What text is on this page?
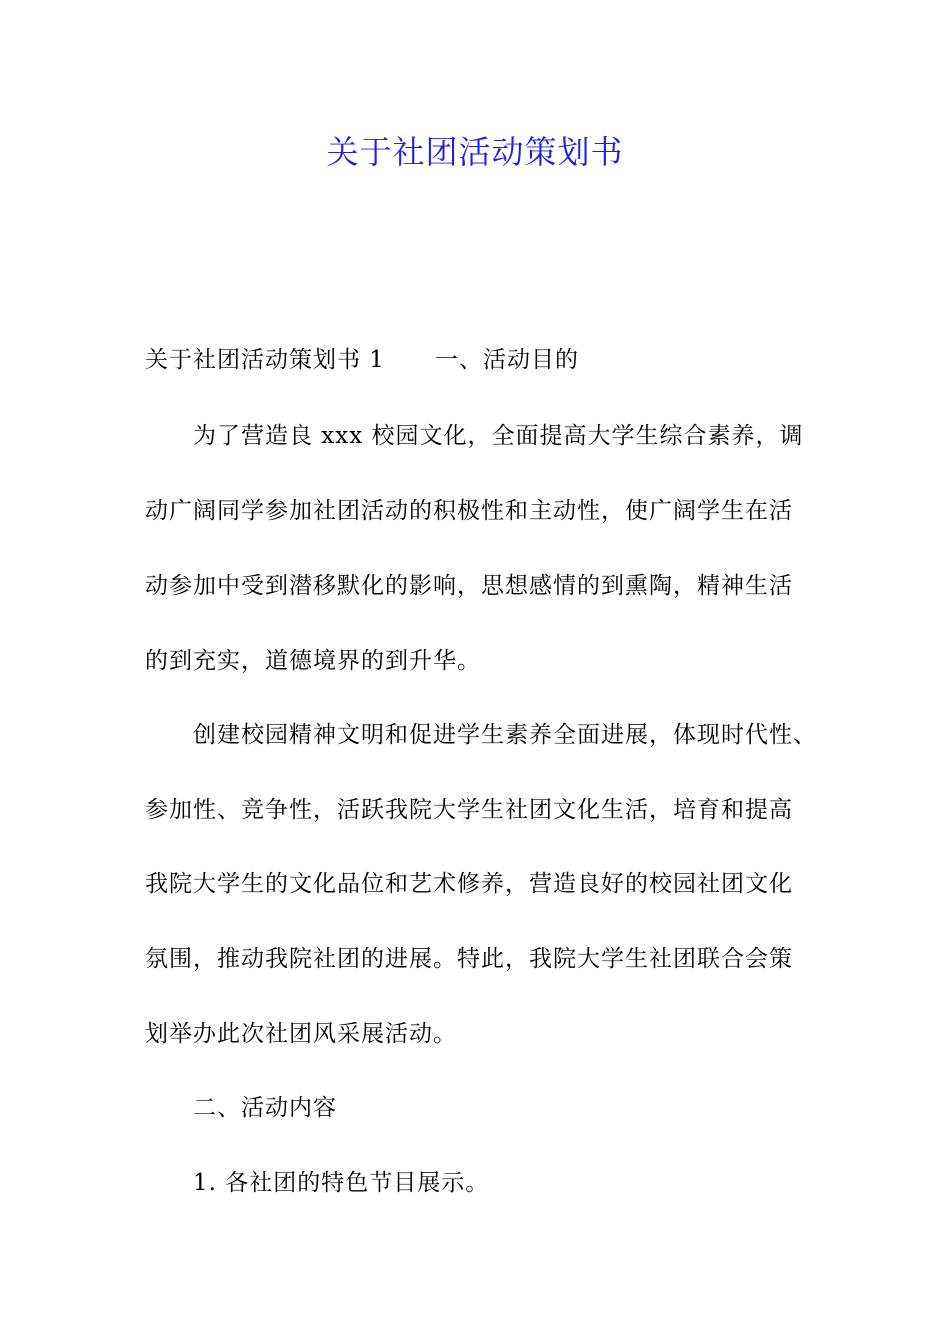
关于社团活动策划书
关于社团活动策划书 1 一、活动目的
为了营造良 xxx 校园文化，全面提高大学生综合素养，调
动广阔同学参加社团活动的积极性和主动性，使广阔学生在活
动参加中受到潜移默化的影响，思想感情的到熏陶，精神生活
的到充实，道德境界的到升华。
创建校园精神文明和促进学生素养全面进展，体现时代性、
参加性、竞争性，活跃我院大学生社团文化生活，培育和提高
我院大学生的文化品位和艺术修养，营造良好的校园社团文化
氛围，推动我院社团的进展。特此，我院大学生社团联合会策
划举办此次社团风采展活动。
二、活动内容
1. 各社团的特色节目展示。
